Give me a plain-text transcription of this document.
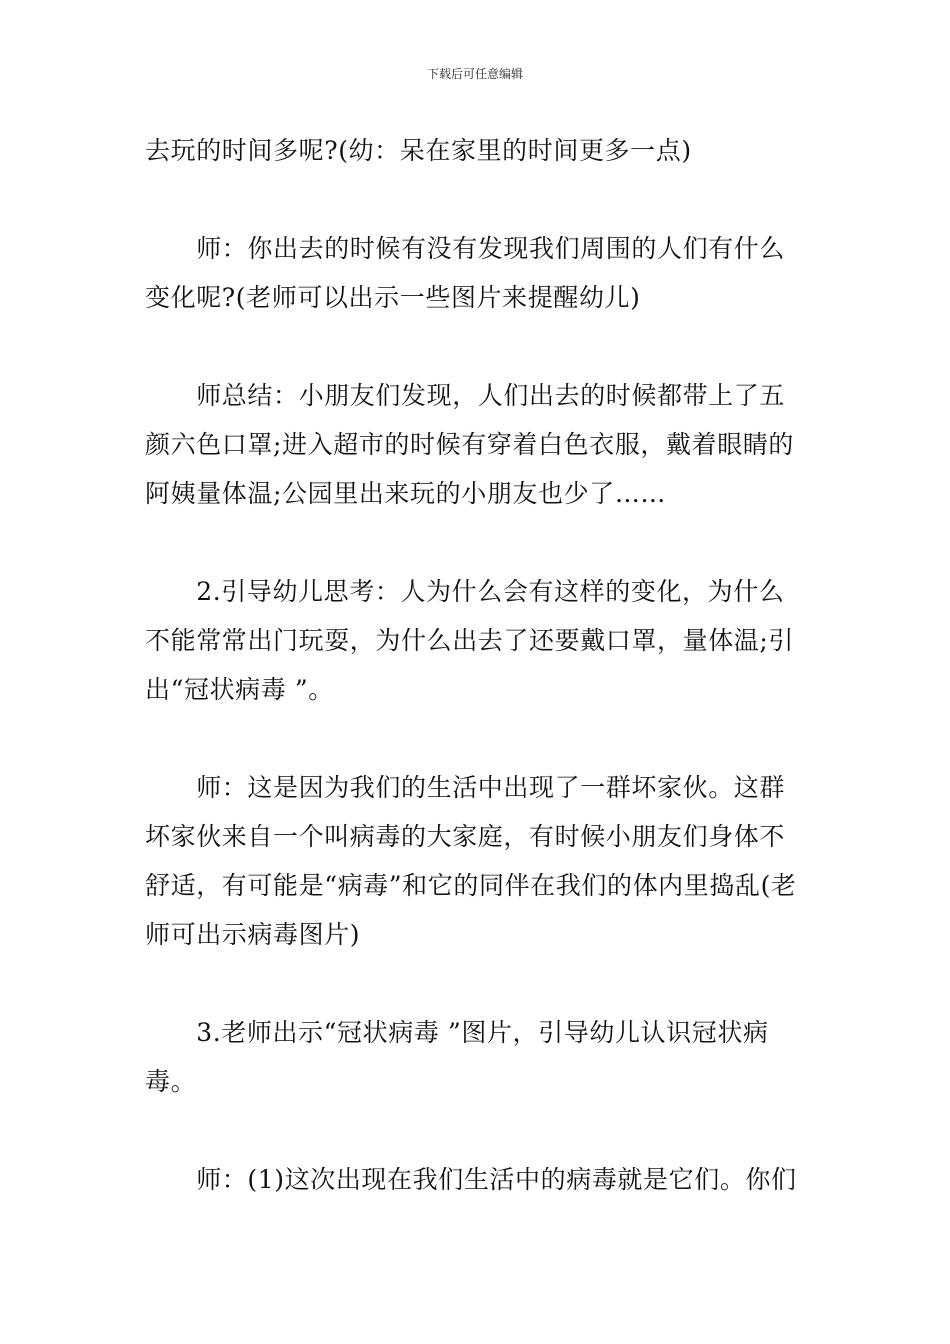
下载后可任意编辑

去玩的时间多呢?(幼：呆在家里的时间更多一点)

　　师：你出去的时候有没有发现我们周围的人们有什么变化呢?(老师可以出示一些图片来提醒幼儿)

　　师总结：小朋友们发现，人们出去的时候都带上了五颜六色口罩;进入超市的时候有穿着白色衣服，戴着眼睛的阿姨量体温;公园里出来玩的小朋友也少了……

　　2.引导幼儿思考：人为什么会有这样的变化，为什么不能常常出门玩耍，为什么出去了还要戴口罩，量体温;引出“冠状病毒 ”。

　　师：这是因为我们的生活中出现了一群坏家伙。这群坏家伙来自一个叫病毒的大家庭，有时候小朋友们身体不舒适，有可能是“病毒”和它的同伴在我们的体内里捣乱(老师可出示病毒图片)

　　3.老师出示“冠状病毒 ”图片，引导幼儿认识冠状病毒。

　　师：(1)这次出现在我们生活中的病毒就是它们。你们
